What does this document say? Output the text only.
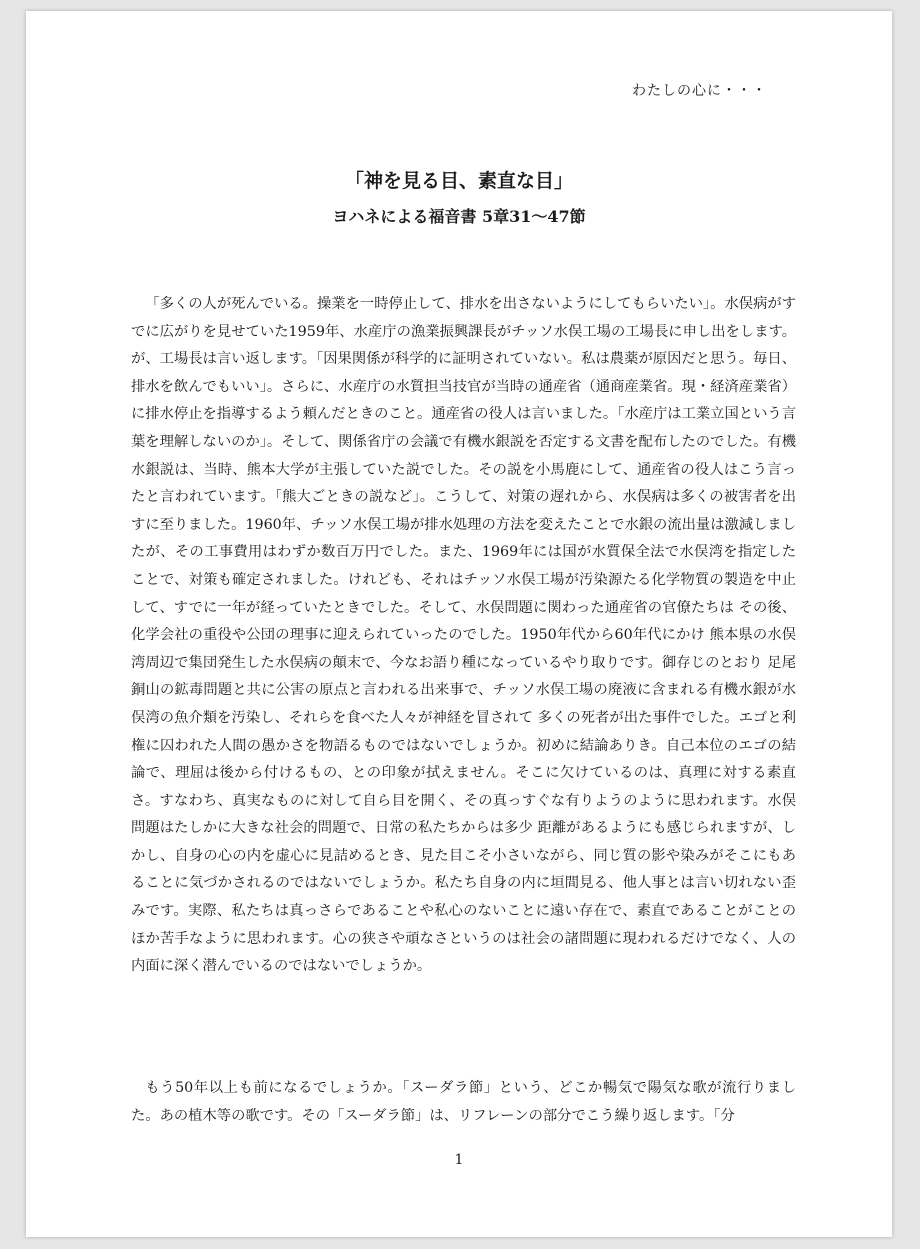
わたしの心に・・・
「神を見る目、素直な目」
ヨハネによる福音書 5章31〜47節

「多くの人が死んでいる。操業を一時停止して、排水を出さないようにしてもらいたい」。水俣病がすでに広がりを見せていた1959年、水産庁の漁業振興課長がチッソ水俣工場の工場長に申し出をします。が、工場長は言い返します。「因果関係が科学的に証明されていない。私は農薬が原因だと思う。毎日、排水を飲んでもいい」。さらに、水産庁の水質担当技官が当時の通産省（通商産業省。現・経済産業省）に排水停止を指導するよう頼んだときのこと。通産省の役人は言いました。「水産庁は工業立国という言葉を理解しないのか」。そして、関係省庁の会議で有機水銀説を否定する文書を配布したのでした。有機水銀説は、当時、熊本大学が主張していた説でした。その説を小馬鹿にして、通産省の役人はこう言ったと言われています。「熊大ごときの説など」。こうして、対策の遅れから、水俣病は多くの被害者を出すに至りました。1960年、チッソ水俣工場が排水処理の方法を変えたことで水銀の流出量は激減しましたが、その工事費用はわずか数百万円でした。また、1969年には国が水質保全法で水俣湾を指定したことで、対策も確定されました。けれども、それはチッソ水俣工場が汚染源たる化学物質の製造を中止して、すでに一年が経っていたときでした。そして、水俣問題に関わった通産省の官僚たちは その後、化学会社の重役や公団の理事に迎えられていったのでした。1950年代から60年代にかけ 熊本県の水俣湾周辺で集団発生した水俣病の顛末で、今なお語り種になっているやり取りです。御存じのとおり 足尾銅山の鉱毒問題と共に公害の原点と言われる出来事で、チッソ水俣工場の廃液に含まれる有機水銀が水俣湾の魚介類を汚染し、それらを食べた人々が神経を冒されて 多くの死者が出た事件でした。エゴと利権に囚われた人間の愚かさを物語るものではないでしょうか。初めに結論ありき。自己本位のエゴの結論で、理屈は後から付けるもの、との印象が拭えません。そこに欠けているのは、真理に対する素直さ。すなわち、真実なものに対して自ら目を開く、その真っすぐな有りようのように思われます。水俣問題はたしかに大きな社会的問題で、日常の私たちからは多少 距離があるようにも感じられますが、しかし、自身の心の内を虚心に見詰めるとき、見た目こそ小さいながら、同じ質の影や染みがそこにもあることに気づかされるのではないでしょうか。私たち自身の内に垣間見る、他人事とは言い切れない歪みです。実際、私たちは真っさらであることや私心のないことに遠い存在で、素直であることがことのほか苦手なように思われます。心の狭さや頑なさというのは社会の諸問題に現われるだけでなく、人の内面に深く潜んでいるのではないでしょうか。

もう50年以上も前になるでしょうか。「スーダラ節」という、どこか暢気で陽気な歌が流行りました。あの植木等の歌です。その「スーダラ節」は、リフレーンの部分でこう繰り返します。「分

1
